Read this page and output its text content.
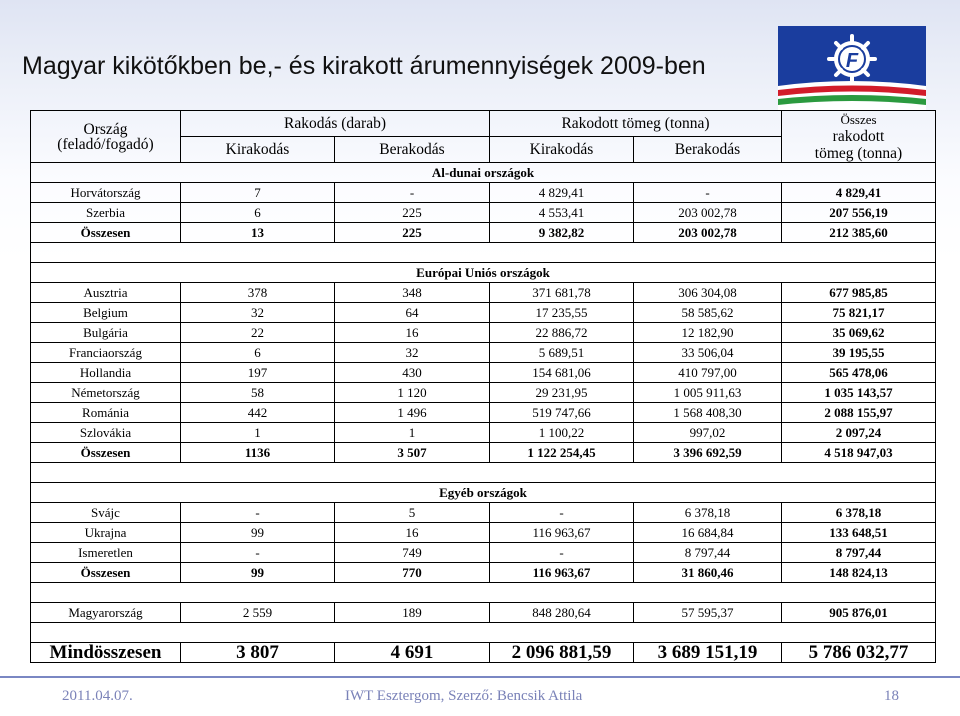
Magyar kikötőkben be,- és kirakott árumennyiségek 2009-ben	F
Ország
(feladó/fogadó)	Rakodás (darab)		Rakodott tömeg (tonna)		Összes
rakodott
tömeg (tonna)
	Kirakodás	Berakodás	Kirakodás	Berakodás	
Al-dunai országok					
Horvátország	7	-	4 829,41	-	4 829,41
Szerbia	6	225	4 553,41	203 002,78	207 556,19
Összesen	13	225	9 382,82	203 002,78	212 385,60

Európai Uniós országok					
Ausztria	378	348	371 681,78	306 304,08	677 985,85
Belgium	32	64	17 235,55	58 585,62	75 821,17
Bulgária	22	16	22 886,72	12 182,90	35 069,62
Franciaország	6	32	5 689,51	33 506,04	39 195,55
Hollandia	197	430	154 681,06	410 797,00	565 478,06
Németország	58	1 120	29 231,95	1 005 911,63	1 035 143,57
Románia	442	1 496	519 747,66	1 568 408,30	2 088 155,97
Szlovákia	1	1	1 100,22	997,02	2 097,24
Összesen	1136	3 507	1 122 254,45	3 396 692,59	4 518 947,03

Egyéb országok					
Svájc	-	5	-	6 378,18	6 378,18
Ukrajna	99	16	116 963,67	16 684,84	133 648,51
Ismeretlen	-	749	-	8 797,44	8 797,44
Összesen	99	770	116 963,67	31 860,46	148 824,13

Magyarország	2 559	189	848 280,64	57 595,37	905 876,01

Mindösszesen	3 807	4 691	2 096 881,59	3 689 151,19	5 786 032,77
2011.04.07.	IWT Esztergom, Szerző: Bencsik Attila	18
